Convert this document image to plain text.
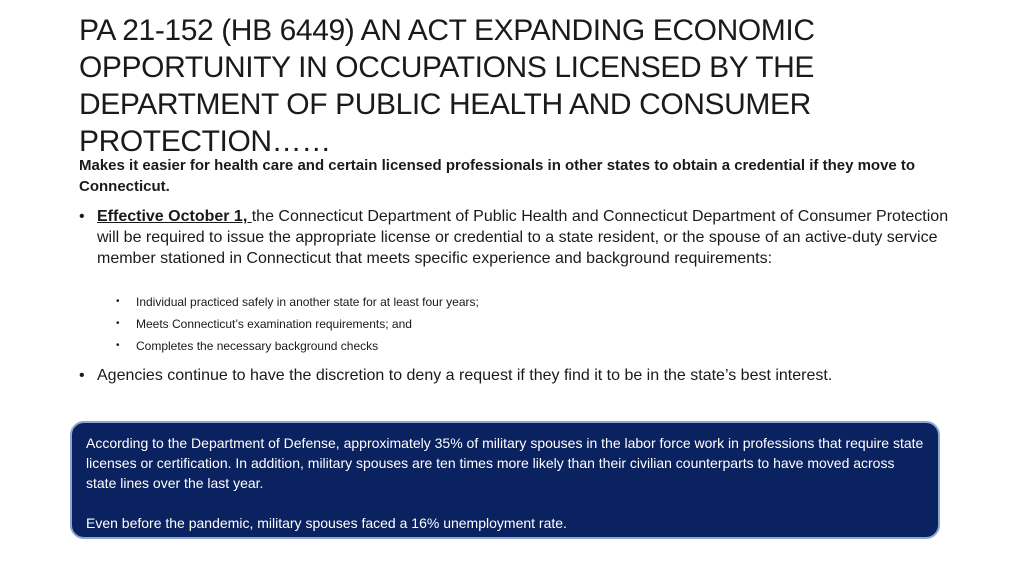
PA 21-152 (HB 6449) AN ACT EXPANDING ECONOMIC OPPORTUNITY IN OCCUPATIONS LICENSED BY THE DEPARTMENT OF PUBLIC HEALTH AND CONSUMER PROTECTION……

Makes it easier for health care and certain licensed professionals in other states to obtain a credential if they move to Connecticut.

• Effective October 1, the Connecticut Department of Public Health and Connecticut Department of Consumer Protection will be required to issue the appropriate license or credential to a state resident, or the spouse of an active-duty service member stationed in Connecticut that meets specific experience and background requirements:
• Individual practiced safely in another state for at least four years;
• Meets Connecticut’s examination requirements; and
• Completes the necessary background checks
• Agencies continue to have the discretion to deny a request if they find it to be in the state’s best interest.

According to the Department of Defense, approximately 35% of military spouses in the labor force work in professions that require state licenses or certification. In addition, military spouses are ten times more likely than their civilian counterparts to have moved across state lines over the last year.

Even before the pandemic, military spouses faced a 16% unemployment rate.
